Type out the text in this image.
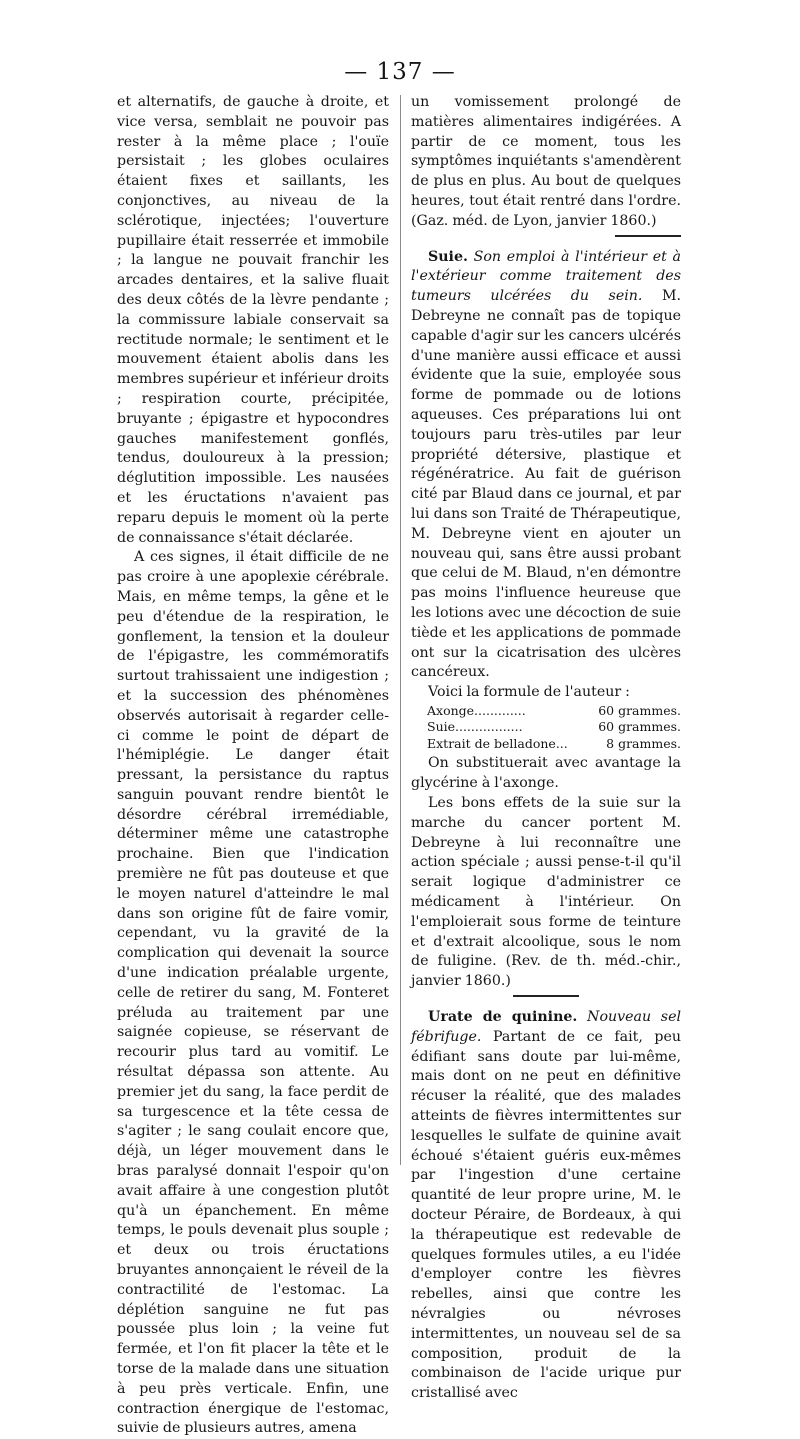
— 137 —

et alternatifs, de gauche à droite, et vice versa, semblait ne pouvoir pas rester à la même place ; l'ouïe persistait ; les globes oculaires étaient fixes et saillants, les conjonctives, au niveau de la sclérotique, injectées; l'ouverture pupillaire était resserrée et immobile ; la langue ne pouvait franchir les arcades dentaires, et la salive fluait des deux côtés de la lèvre pendante ; la commissure labiale conservait sa rectitude normale; le sentiment et le mouvement étaient abolis dans les membres supérieur et inférieur droits ; respiration courte, précipitée, bruyante ; épigastre et hypocondres gauches manifestement gonflés, tendus, douloureux à la pression; déglutition impossible. Les nausées et les éructations n'avaient pas reparu depuis le moment où la perte de connaissance s'était déclarée.

A ces signes, il était difficile de ne pas croire à une apoplexie cérébrale. Mais, en même temps, la gêne et le peu d'étendue de la respiration, le gonflement, la tension et la douleur de l'épigastre, les commémoratifs surtout trahissaient une indigestion ; et la succession des phénomènes observés autorisait à regarder celle-ci comme le point de départ de l'hémiplégie. Le danger était pressant, la persistance du raptus sanguin pouvant rendre bientôt le désordre cérébral irremédiable, déterminer même une catastrophe prochaine. Bien que l'indication première ne fût pas douteuse et que le moyen naturel d'atteindre le mal dans son origine fût de faire vomir, cependant, vu la gravité de la complication qui devenait la source d'une indication préalable urgente, celle de retirer du sang, M. Fonteret préluda au traitement par une saignée copieuse, se réservant de recourir plus tard au vomitif. Le résultat dépassa son attente. Au premier jet du sang, la face perdit de sa turgescence et la tête cessa de s'agiter ; le sang coulait encore que, déjà, un léger mouvement dans le bras paralysé donnait l'espoir qu'on avait affaire à une congestion plutôt qu'à un épanchement. En même temps, le pouls devenait plus souple ; et deux ou trois éructations bruyantes annonçaient le réveil de la contractilité de l'estomac. La déplétion sanguine ne fut pas poussée plus loin ; la veine fut fermée, et l'on fit placer la tête et le torse de la malade dans une situation à peu près verticale. Enfin, une contraction énergique de l'estomac, suivie de plusieurs autres, amena

un vomissement prolongé de matières alimentaires indigérées. A partir de ce moment, tous les symptômes inquiétants s'amendèrent de plus en plus. Au bout de quelques heures, tout était rentré dans l'ordre. (Gaz. méd. de Lyon, janvier 1860.)

Suie. Son emploi à l'intérieur et à l'extérieur comme traitement des tumeurs ulcérées du sein. M. Debreyne ne connaît pas de topique capable d'agir sur les cancers ulcérés d'une manière aussi efficace et aussi évidente que la suie, employée sous forme de pommade ou de lotions aqueuses. Ces préparations lui ont toujours paru très-utiles par leur propriété détersive, plastique et régénératrice. Au fait de guérison cité par Blaud dans ce journal, et par lui dans son Traité de Thérapeutique, M. Debreyne vient en ajouter un nouveau qui, sans être aussi probant que celui de M. Blaud, n'en démontre pas moins l'influence heureuse que les lotions avec une décoction de suie tiède et les applications de pommade ont sur la cicatrisation des ulcères cancéreux.

Voici la formule de l'auteur :

Axonge.............	60 grammes.
Suie.................	60 grammes.
Extrait de belladone...	8 grammes.

On substituerait avec avantage la glycérine à l'axonge.

Les bons effets de la suie sur la marche du cancer portent M. Debreyne à lui reconnaître une action spéciale ; aussi pense-t-il qu'il serait logique d'administrer ce médicament à l'intérieur. On l'emploierait sous forme de teinture et d'extrait alcoolique, sous le nom de fuligine. (Rev. de th. méd.-chir., janvier 1860.)

Urate de quinine. Nouveau sel fébrifuge. Partant de ce fait, peu édifiant sans doute par lui-même, mais dont on ne peut en définitive récuser la réalité, que des malades atteints de fièvres intermittentes sur lesquelles le sulfate de quinine avait échoué s'étaient guéris eux-mêmes par l'ingestion d'une certaine quantité de leur propre urine, M. le docteur Péraire, de Bordeaux, à qui la thérapeutique est redevable de quelques formules utiles, a eu l'idée d'employer contre les fièvres rebelles, ainsi que contre les névralgies ou névroses intermittentes, un nouveau sel de sa composition, produit de la combinaison de l'acide urique pur cristallisé avec
